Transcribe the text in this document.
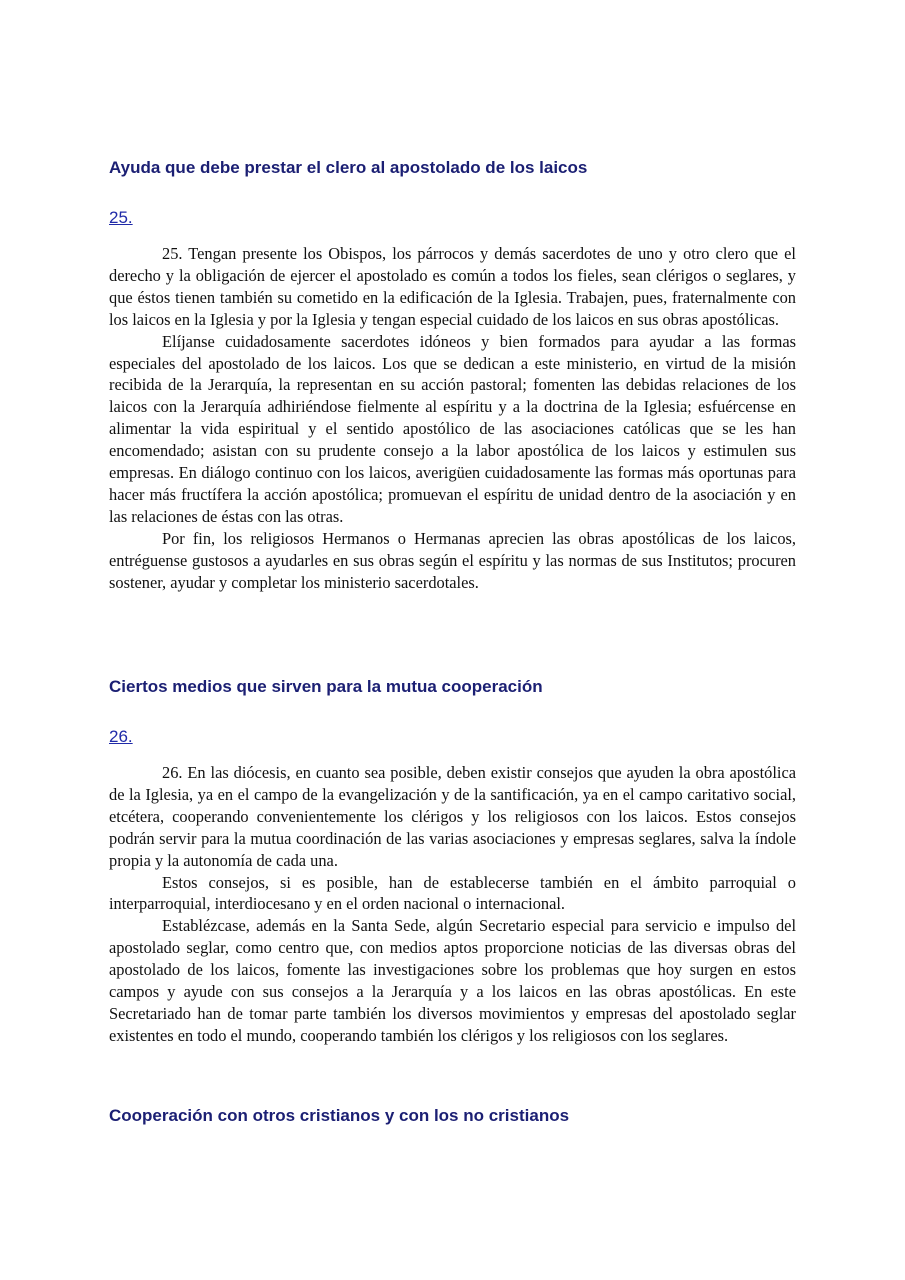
Ayuda que debe prestar el clero al apostolado de los laicos
25.

25. Tengan presente los Obispos, los párrocos y demás sacerdotes de uno y otro clero que el derecho y la obligación de ejercer el apostolado es común a todos los fieles, sean clérigos o seglares, y que éstos tienen también su cometido en la edificación de la Iglesia. Trabajen, pues, fraternalmente con los laicos en la Iglesia y por la Iglesia y tengan especial cuidado de los laicos en sus obras apostólicas.

Elíjanse cuidadosamente sacerdotes idóneos y bien formados para ayudar a las formas especiales del apostolado de los laicos. Los que se dedican a este ministerio, en virtud de la misión recibida de la Jerarquía, la representan en su acción pastoral; fomenten las debidas relaciones de los laicos con la Jerarquía adhiriéndose fielmente al espíritu y a la doctrina de la Iglesia; esfuércense en alimentar la vida espiritual y el sentido apostólico de las asociaciones católicas que se les han encomendado; asistan con su prudente consejo a la labor apostólica de los laicos y estimulen sus empresas. En diálogo continuo con los laicos, averigüen cuidadosamente las formas más oportunas para hacer más fructífera la acción apostólica; promuevan el espíritu de unidad dentro de la asociación y en las relaciones de éstas con las otras.

Por fin, los religiosos Hermanos o Hermanas aprecien las obras apostólicas de los laicos, entréguense gustosos a ayudarles en sus obras según el espíritu y las normas de sus Institutos; procuren sostener, ayudar y completar los ministerio sacerdotales.

Ciertos medios que sirven para la mutua cooperación
26.

26. En las diócesis, en cuanto sea posible, deben existir consejos que ayuden la obra apostólica de la Iglesia, ya en el campo de la evangelización y de la santificación, ya en el campo caritativo social, etcétera, cooperando convenientemente los clérigos y los religiosos con los laicos. Estos consejos podrán servir para la mutua coordinación de las varias asociaciones y empresas seglares, salva la índole propia y la autonomía de cada una.

Estos consejos, si es posible, han de establecerse también en el ámbito parroquial o interparroquial, interdiocesano y en el orden nacional o internacional.

Establézcase, además en la Santa Sede, algún Secretario especial para servicio e impulso del apostolado seglar, como centro que, con medios aptos proporcione noticias de las diversas obras del apostolado de los laicos, fomente las investigaciones sobre los problemas que hoy surgen en estos campos y ayude con sus consejos a la Jerarquía y a los laicos en las obras apostólicas. En este Secretariado han de tomar parte también los diversos movimientos y empresas del apostolado seglar existentes en todo el mundo, cooperando también los clérigos y los religiosos con los seglares.

Cooperación con otros cristianos y con los no cristianos
